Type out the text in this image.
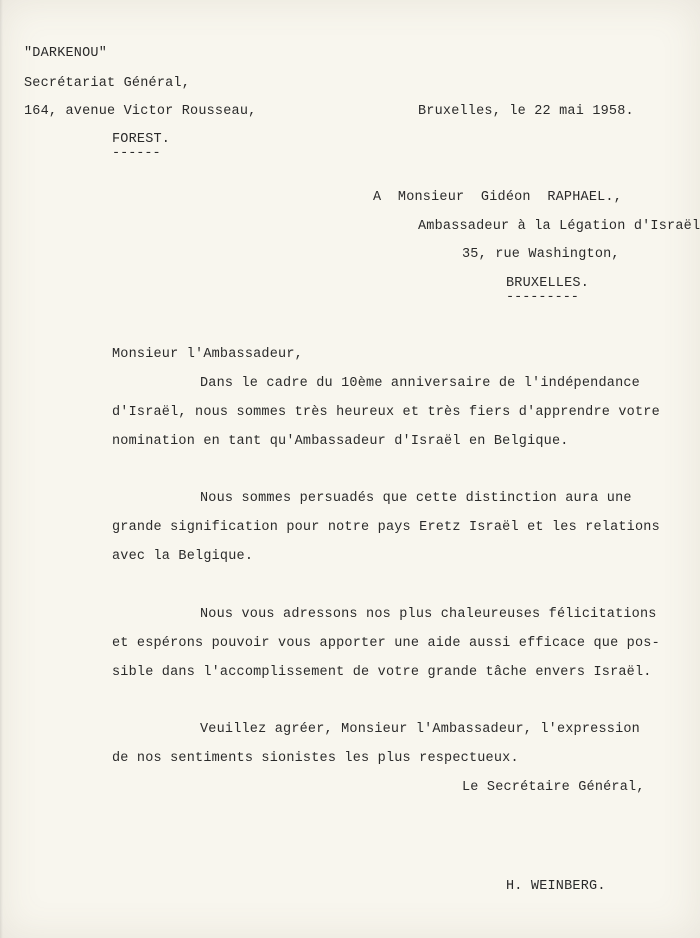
"DARKENOU"
Secrétariat Général,
164, avenue Victor Rousseau,
FOREST.
------
Bruxelles, le 22 mai 1958.
A  Monsieur  Gidéon  RAPHAEL.,
Ambassadeur à la Légation d'Israël
35, rue Washington,
BRUXELLES.
---------
Monsieur l'Ambassadeur,
Dans le cadre du 10ème anniversaire de l'indépendance
d'Israël, nous sommes très heureux et très fiers d'apprendre votre
nomination en tant qu'Ambassadeur d'Israël en Belgique.
Nous sommes persuadés que cette distinction aura une
grande signification pour notre pays Eretz Israël et les relations
avec la Belgique.
Nous vous adressons nos plus chaleureuses félicitations
et espérons pouvoir vous apporter une aide aussi efficace que pos-
sible dans l'accomplissement de votre grande tâche envers Israël.
Veuillez agréer, Monsieur l'Ambassadeur, l'expression
de nos sentiments sionistes les plus respectueux.
Le Secrétaire Général,
H. WEINBERG.
